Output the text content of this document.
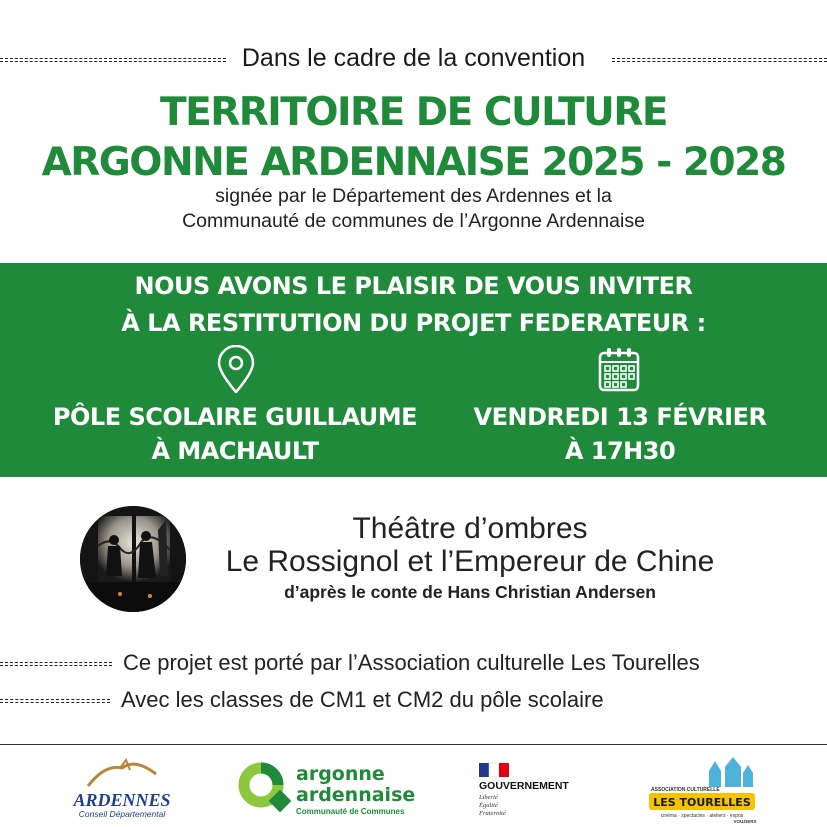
Dans le cadre de la convention
TERRITOIRE DE CULTURE
ARGONNE ARDENNAISE 2025 - 2028
signée par le Département des Ardennes et la
Communauté de communes de l’Argonne Ardennaise
NOUS AVONS LE PLAISIR DE VOUS INVITER
À LA RESTITUTION DU PROJET FEDERATEUR :
PÔLE SCOLAIRE GUILLAUME
À MACHAULT
VENDREDI 13 FÉVRIER
À 17H30
Théâtre d’ombres
Le Rossignol et l’Empereur de Chine
d’après le conte de Hans Christian Andersen
Ce projet est porté par l’Association culturelle Les Tourelles
Avec les classes de CM1 et CM2 du pôle scolaire
ARDENNES
Conseil Départemental
argonne
ardennaise
Communauté de Communes
GOUVERNEMENT
Liberté
Égalité
Fraternité
ASSOCIATION CULTURELLE
LES TOURELLES
cinéma · spectacles · ateliers · expos
VOUZIERS
